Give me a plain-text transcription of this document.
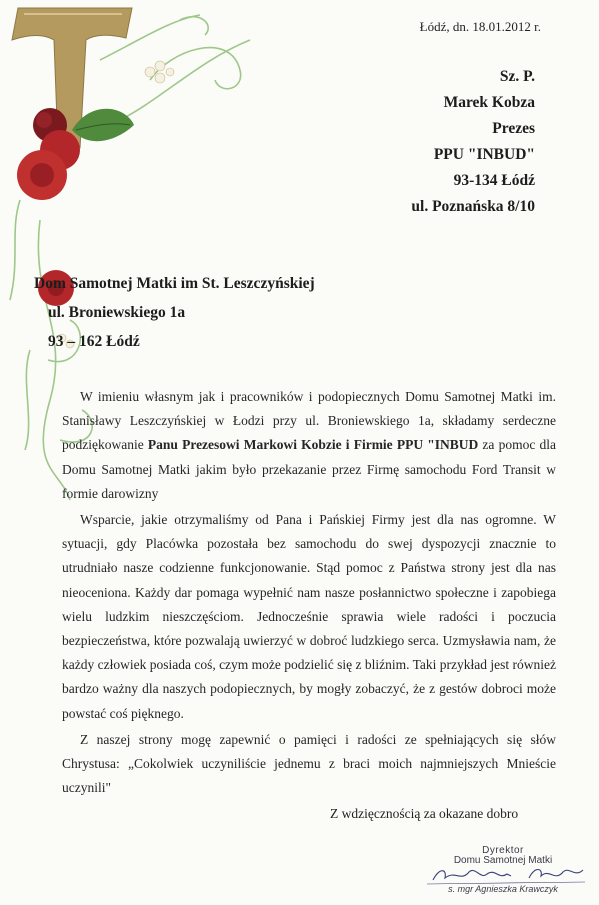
Łódź, dn. 18.01.2012 r.
Sz. P.
Marek Kobza
Prezes
PPU "INBUD"
93-134 Łódź
ul. Poznańska 8/10
Dom Samotnej Matki im St. Leszczyńskiej
ul. Broniewskiego 1a
93 – 162 Łódź

W imieniu własnym jak i pracowników i podopiecznych Domu Samotnej Matki im. Stanisławy Leszczyńskiej w Łodzi przy ul. Broniewskiego 1a, składamy serdeczne podziękowanie Panu Prezesowi Markowi Kobzie i Firmie PPU "INBUD za pomoc dla Domu Samotnej Matki jakim było przekazanie przez Firmę samochodu Ford Transit w formie darowizny

Wsparcie, jakie otrzymaliśmy od Pana i Pańskiej Firmy jest dla nas ogromne. W sytuacji, gdy Placówka pozostała bez samochodu do swej dyspozycji znacznie to utrudniało nasze codzienne funkcjonowanie. Stąd pomoc z Państwa strony jest dla nas nieoceniona. Każdy dar pomaga wypełnić nam nasze posłannictwo społeczne i zapobiega wielu ludzkim nieszczęściom. Jednocześnie sprawia wiele radości i poczucia bezpieczeństwa, które pozwalają uwierzyć w dobroć ludzkiego serca. Uzmysławia nam, że każdy człowiek posiada coś, czym może podzielić się z bliźnim. Taki przykład jest również bardzo ważny dla naszych podopiecznych, by mogły zobaczyć, że z gestów dobroci może powstać coś pięknego.

Z naszej strony mogę zapewnić o pamięci i radości ze spełniających się słów Chrystusa: „Cokolwiek uczyniliście jednemu z braci moich najmniejszych Mnieście uczynili"

Z wdzięcznością za okazane dobro
Dyrektor
Domu Samotnej Matki
s. mgr Agnieszka Krawczyk
